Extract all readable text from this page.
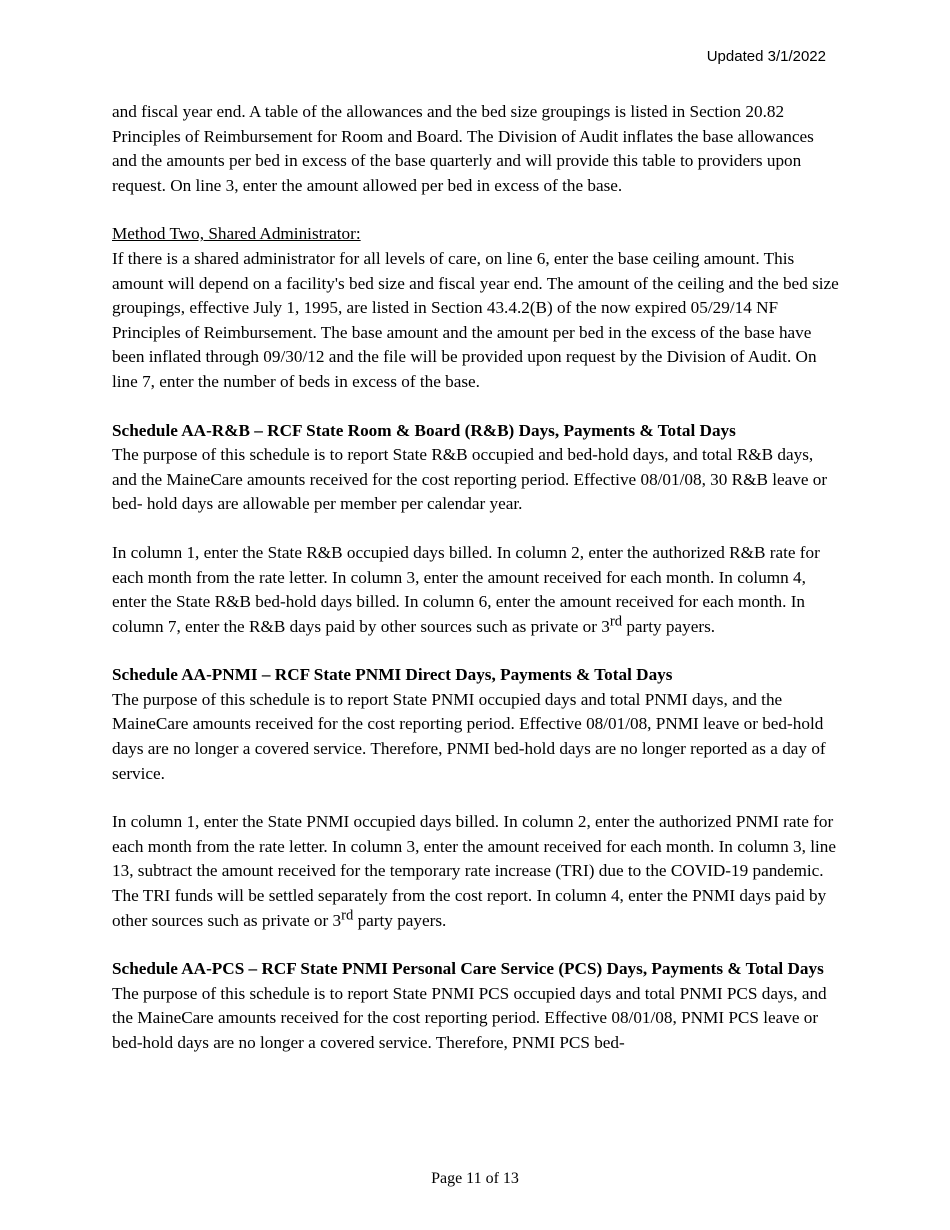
Updated 3/1/2022

and fiscal year end. A table of the allowances and the bed size groupings is listed in Section 20.82 Principles of Reimbursement for Room and Board. The Division of Audit inflates the base allowances and the amounts per bed in excess of the base quarterly and will provide this table to providers upon request. On line 3, enter the amount allowed per bed in excess of the base.

Method Two, Shared Administrator:

If there is a shared administrator for all levels of care, on line 6, enter the base ceiling amount. This amount will depend on a facility's bed size and fiscal year end. The amount of the ceiling and the bed size groupings, effective July 1, 1995, are listed in Section 43.4.2(B) of the now expired 05/29/14 NF Principles of Reimbursement. The base amount and the amount per bed in the excess of the base have been inflated through 09/30/12 and the file will be provided upon request by the Division of Audit. On line 7, enter the number of beds in excess of the base.

Schedule AA-R&B – RCF State Room & Board (R&B) Days, Payments & Total Days

The purpose of this schedule is to report State R&B occupied and bed-hold days, and total R&B days, and the MaineCare amounts received for the cost reporting period. Effective 08/01/08, 30 R&B leave or bed- hold days are allowable per member per calendar year.

In column 1, enter the State R&B occupied days billed. In column 2, enter the authorized R&B rate for each month from the rate letter. In column 3, enter the amount received for each month. In column 4, enter the State R&B bed-hold days billed. In column 6, enter the amount received for each month. In column 7, enter the R&B days paid by other sources such as private or 3rd party payers.

Schedule AA-PNMI – RCF State PNMI Direct Days, Payments & Total Days

The purpose of this schedule is to report State PNMI occupied days and total PNMI days, and the MaineCare amounts received for the cost reporting period. Effective 08/01/08, PNMI leave or bed-hold days are no longer a covered service. Therefore, PNMI bed-hold days are no longer reported as a day of service.

In column 1, enter the State PNMI occupied days billed. In column 2, enter the authorized PNMI rate for each month from the rate letter. In column 3, enter the amount received for each month. In column 3, line 13, subtract the amount received for the temporary rate increase (TRI) due to the COVID-19 pandemic. The TRI funds will be settled separately from the cost report. In column 4, enter the PNMI days paid by other sources such as private or 3rd party payers.

Schedule AA-PCS – RCF State PNMI Personal Care Service (PCS) Days, Payments & Total Days

The purpose of this schedule is to report State PNMI PCS occupied days and total PNMI PCS days, and the MaineCare amounts received for the cost reporting period. Effective 08/01/08, PNMI PCS leave or bed-hold days are no longer a covered service. Therefore, PNMI PCS bed-

Page 11 of 13
